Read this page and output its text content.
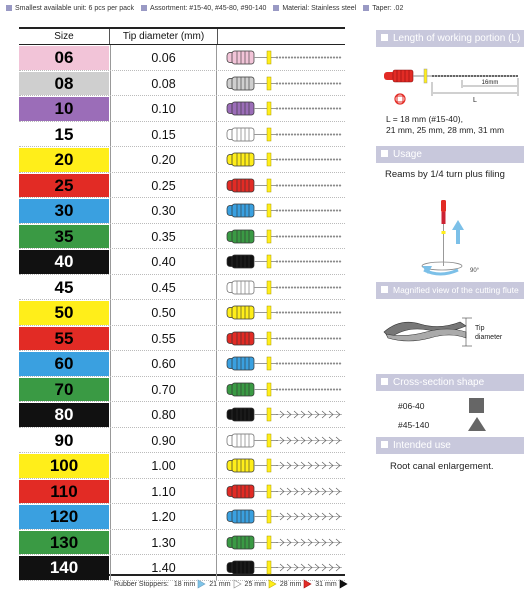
Smallest available unit: 6 pcs per pack Assortment: #15-40, #45-80, #90-140 Material: Stainless steel Taper: .02
Size	Tip diameter (mm)
06	0.06
08	0.08
10	0.10
15	0.15
20	0.20
25	0.25
30	0.30
35	0.35
40	0.40
45	0.45
50	0.50
55	0.55
60	0.60
70	0.70
80	0.80
90	0.90
100	1.00
110	1.10
120	1.20
130	1.30
140	1.40
Rubber Stoppers: 18 mm 21 mm 25 mm 28 mm 31 mm
Length of working portion (L)
16mm
L
L = 18 mm (#15-40),
21 mm, 25 mm, 28 mm, 31 mm
Usage
Reams by 1/4 turn plus filing
90°
Magnified view of the cutting flute
Tip
diameter
Cross-section shape
#06-40
#45-140
Intended use
Root canal enlargement.
